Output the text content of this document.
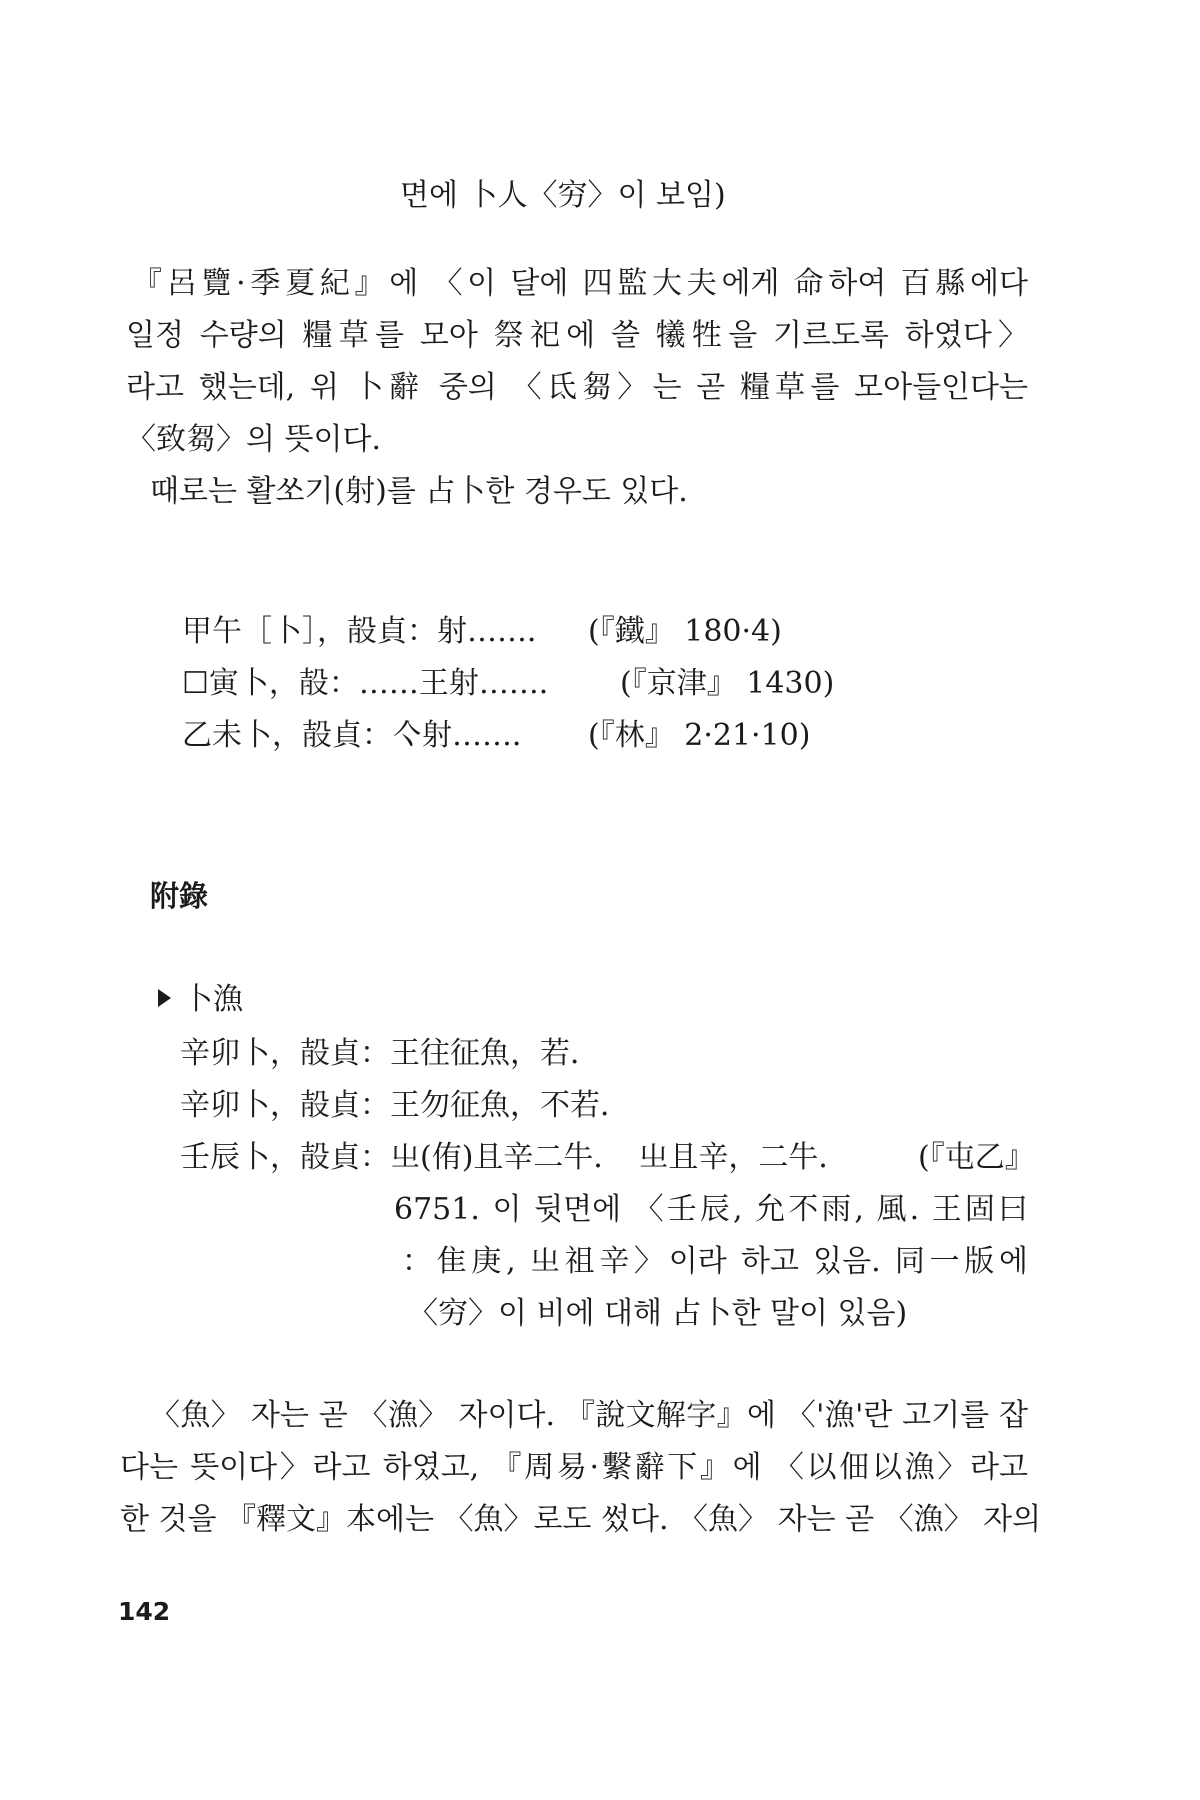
면에 卜人〈穷〉이 보임)
『呂覽·季夏紀』에 〈이 달에 四監大夫에게 命하여 百縣에다
일정 수량의 糧草를 모아 祭祀에 쓸 犧牲을 기르도록 하였다〉
라고 했는데, 위 卜辭 중의 〈氐芻〉는 곧 糧草를 모아들인다는
〈致芻〉의 뜻이다.
때로는 활쏘기(射)를 占卜한 경우도 있다.
甲午［卜］，㱿貞：射……． (『鐵』 180·4)
☐寅卜，㱿：……王射……． (『京津』 1430)
乙未卜，㱿貞：亽射……． (『林』 2·21·10)
附錄
卜漁
辛卯卜，㱿貞：王往征魚，若．
辛卯卜，㱿貞：王勿征魚，不若．
壬辰卜，㱿貞：㞢(侑)且辛二牛．　㞢且辛，二牛． (『屯乙』
6751. 이 뒷면에 〈壬辰, 允不雨, 風. 王固曰
：隹庚, 㞢祖辛〉이라 하고 있음. 同一版에
〈穷〉이 비에 대해 占卜한 말이 있음)
〈魚〉 자는 곧 〈漁〉 자이다. 『說文解字』에 〈'漁'란 고기를 잡
다는 뜻이다〉라고 하였고, 『周易·繫辭下』에 〈以佃以漁〉라고
한 것을 『釋文』本에는 〈魚〉로도 썼다. 〈魚〉 자는 곧 〈漁〉 자의
142
